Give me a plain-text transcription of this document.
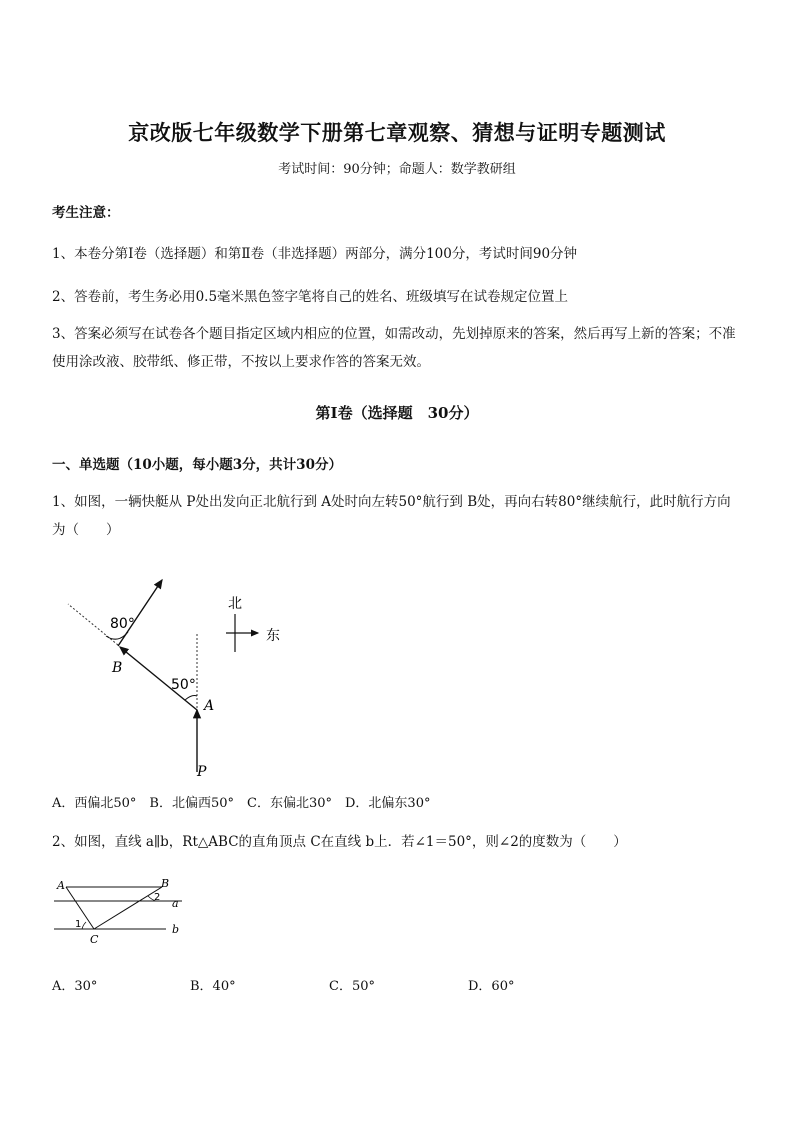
京改版七年级数学下册第七章观察、猜想与证明专题测试
考试时间：90分钟；命题人：数学教研组
考生注意：
1、本卷分第Ⅰ卷（选择题）和第Ⅱ卷（非选择题）两部分，满分100分，考试时间90分钟
2、答卷前，考生务必用0.5毫米黑色签字笔将自己的姓名、班级填写在试卷规定位置上
3、答案必须写在试卷各个题目指定区域内相应的位置，如需改动，先划掉原来的答案，然后再写上新的答案；不准使用涂改液、胶带纸、修正带，不按以上要求作答的答案无效。
第Ⅰ卷（选择题　30分）
一、单选题（10小题，每小题3分，共计30分）
1、如图，一辆快艇从 P处出发向正北航行到 A处时向左转50°航行到 B处，再向右转80°继续航行，此时航行方向为（　　）
80°
50°
B
A
P
北
东
A．西偏北50°　B．北偏西50°　C．东偏北30°　D．北偏东30°
2、如图，直线 a∥b，Rt△ABC的直角顶点 C在直线 b上．若∠1＝50°，则∠2的度数为（　　）
A	B
C
a
b
1
2
A．30°	B．40°	C．50°	D．60°
